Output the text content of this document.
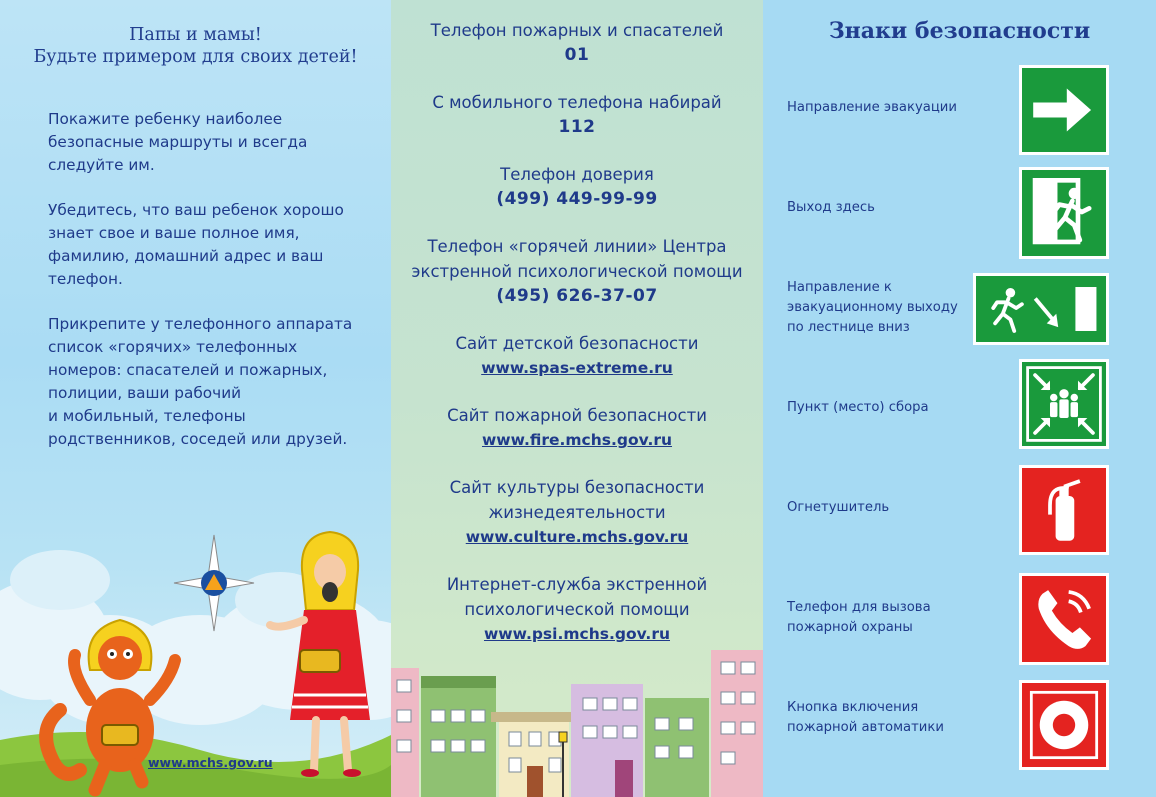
Папы и мамы!
Будьте примером для своих детей!

Покажите ребенку наиболее
безопасные маршруты и всегда
следуйте им.

Убедитесь, что ваш ребенок хорошо
знает свое и ваше полное имя,
фамилию, домашний адрес и ваш
телефон.

Прикрепите у телефонного аппарата
список «горячих» телефонных
номеров: спасателей и пожарных,
полиции, ваши рабочий
и мобильный, телефоны
родственников, соседей или друзей.

www.mchs.gov.ru
Телефон пожарных и спасателей
01
С мобильного телефона набирай
112
Телефон доверия
(499) 449-99-99
Телефон «горячей линии» Центра
экстренной психологической помощи
(495) 626-37-07
Сайт детской безопасности
www.spas-extreme.ru
Сайт пожарной безопасности
www.fire.mchs.gov.ru
Сайт культуры безопасности
жизнедеятельности
www.culture.mchs.gov.ru
Интернет-служба экстренной
психологической помощи
www.psi.mchs.gov.ru
Знаки безопасности
Направление эвакуации
Выход здесь
Направление к
эвакуационному выходу
по лестнице вниз
Пункт (место) сбора
Огнетушитель
Телефон для вызова
пожарной охраны
Кнопка включения
пожарной автоматики
